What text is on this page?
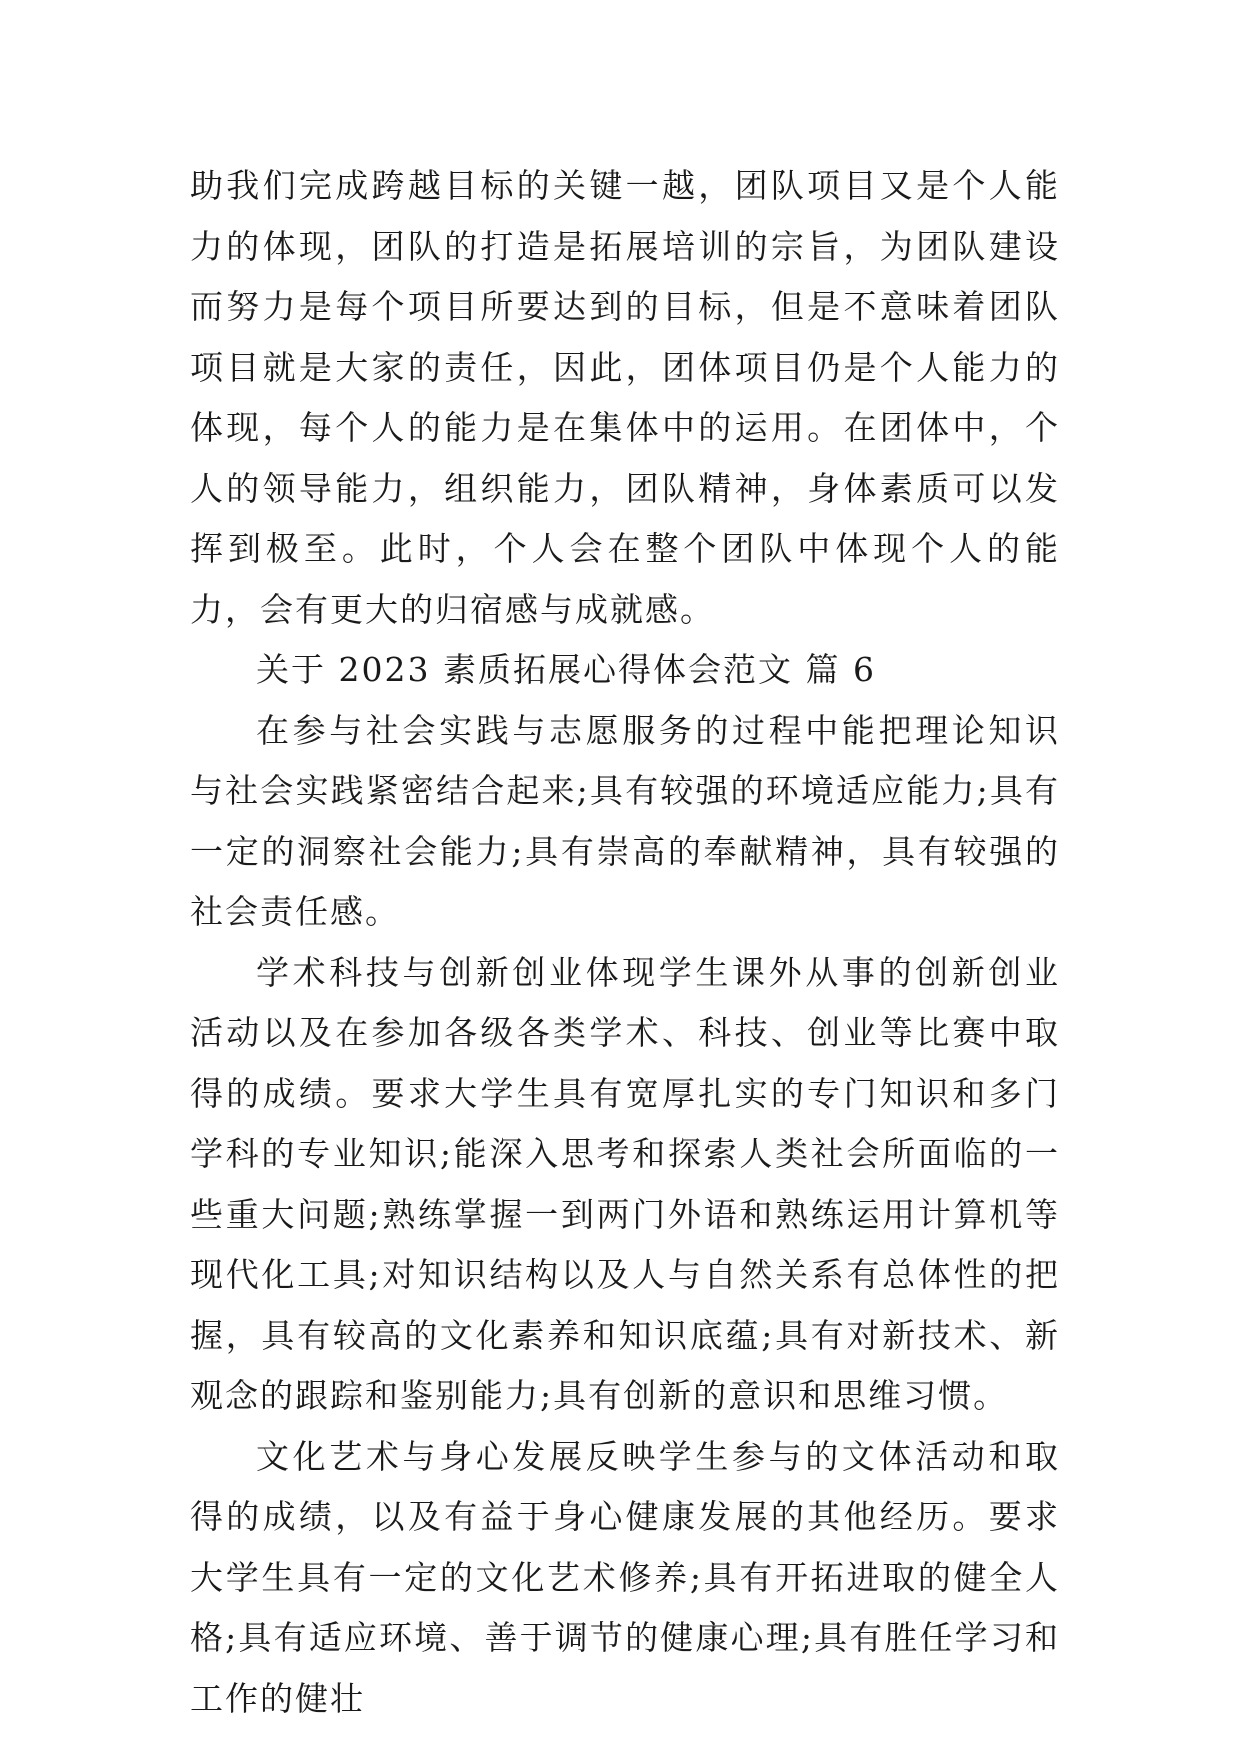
助我们完成跨越目标的关键一越，团队项目又是个人能力的体现，团队的打造是拓展培训的宗旨，为团队建设而努力是每个项目所要达到的目标，但是不意味着团队项目就是大家的责任，因此，团体项目仍是个人能力的体现，每个人的能力是在集体中的运用。在团体中，个人的领导能力，组织能力，团队精神，身体素质可以发挥到极至。此时，个人会在整个团队中体现个人的能力，会有更大的归宿感与成就感。

关于 2023 素质拓展心得体会范文 篇 6

在参与社会实践与志愿服务的过程中能把理论知识与社会实践紧密结合起来;具有较强的环境适应能力;具有一定的洞察社会能力;具有崇高的奉献精神，具有较强的社会责任感。

学术科技与创新创业体现学生课外从事的创新创业活动以及在参加各级各类学术、科技、创业等比赛中取得的成绩。要求大学生具有宽厚扎实的专门知识和多门学科的专业知识;能深入思考和探索人类社会所面临的一些重大问题;熟练掌握一到两门外语和熟练运用计算机等现代化工具;对知识结构以及人与自然关系有总体性的把握，具有较高的文化素养和知识底蕴;具有对新技术、新观念的跟踪和鉴别能力;具有创新的意识和思维习惯。

文化艺术与身心发展反映学生参与的文体活动和取得的成绩，以及有益于身心健康发展的其他经历。要求大学生具有一定的文化艺术修养;具有开拓进取的健全人格;具有适应环境、善于调节的健康心理;具有胜任学习和工作的健壮
